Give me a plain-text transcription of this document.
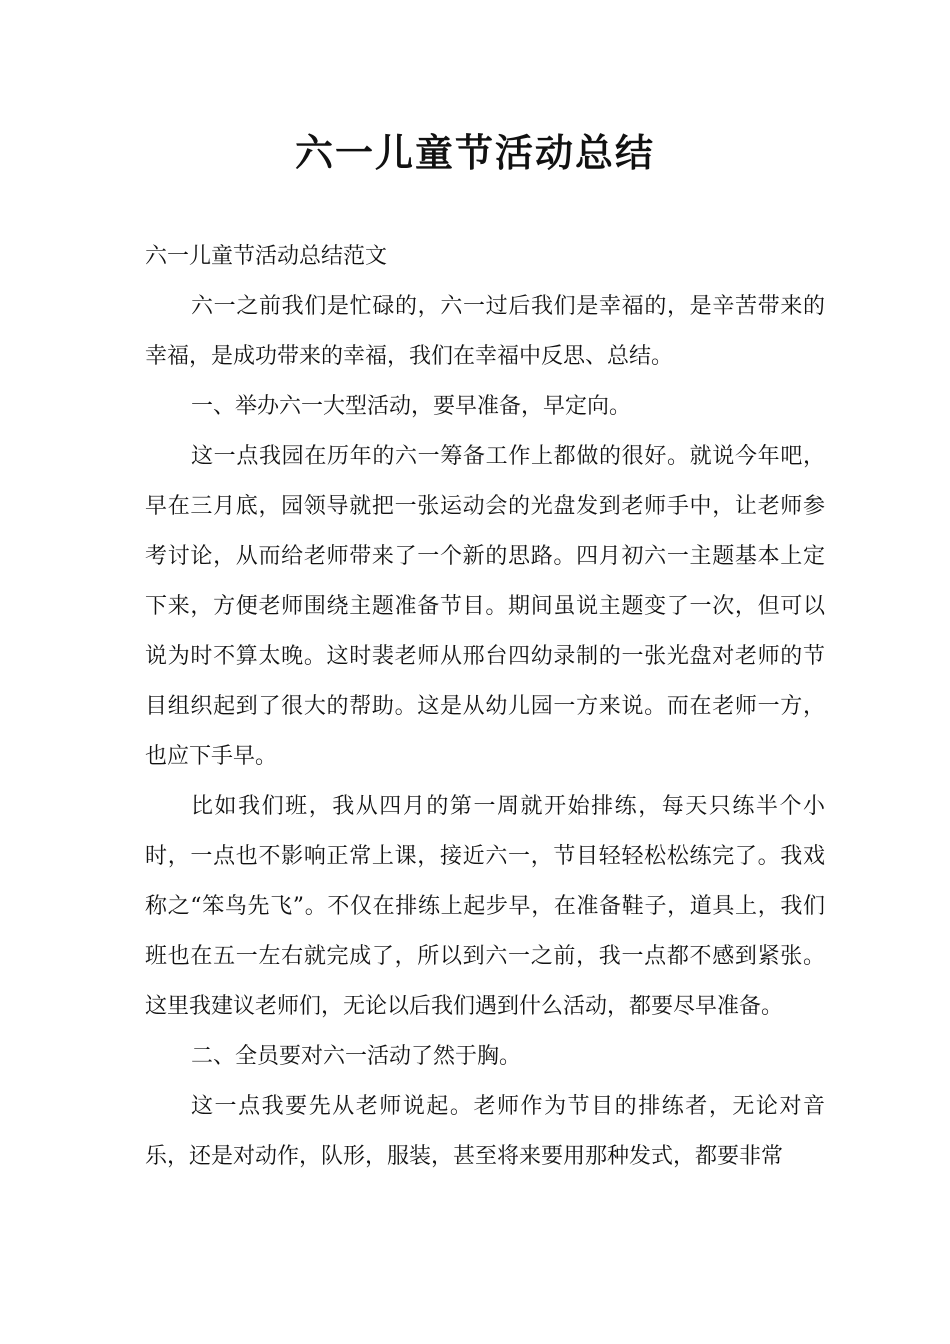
六一儿童节活动总结

六一儿童节活动总结范文

六一之前我们是忙碌的，六一过后我们是幸福的，是辛苦带来的幸福，是成功带来的幸福，我们在幸福中反思、总结。

一、举办六一大型活动，要早准备，早定向。

这一点我园在历年的六一筹备工作上都做的很好。就说今年吧，早在三月底，园领导就把一张运动会的光盘发到老师手中，让老师参考讨论，从而给老师带来了一个新的思路。四月初六一主题基本上定下来，方便老师围绕主题准备节目。期间虽说主题变了一次，但可以说为时不算太晚。这时裴老师从邢台四幼录制的一张光盘对老师的节目组织起到了很大的帮助。这是从幼儿园一方来说。而在老师一方，也应下手早。

比如我们班，我从四月的第一周就开始排练，每天只练半个小时，一点也不影响正常上课，接近六一，节目轻轻松松练完了。我戏称之“笨鸟先飞”。不仅在排练上起步早，在准备鞋子，道具上，我们班也在五一左右就完成了，所以到六一之前，我一点都不感到紧张。这里我建议老师们，无论以后我们遇到什么活动，都要尽早准备。

二、全员要对六一活动了然于胸。

这一点我要先从老师说起。老师作为节目的排练者，无论对音乐，还是对动作，队形，服装，甚至将来要用那种发式，都要非常
